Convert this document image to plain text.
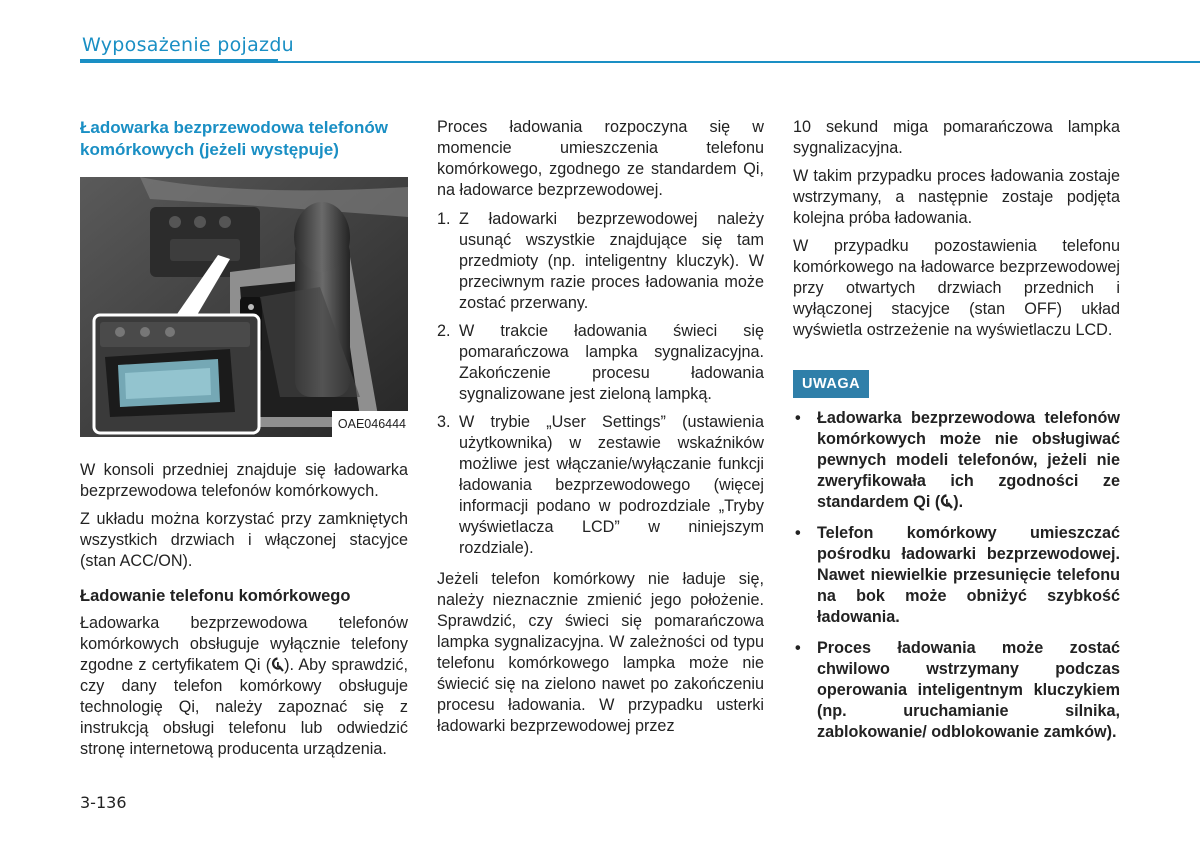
Wyposażenie pojazdu

Ładowarka bezprzewodowa telefonów komórkowych (jeżeli występuje)

OAE046444

W konsoli przedniej znajduje się ładowarka bezprzewodowa telefonów komórkowych.

Z układu można korzystać przy zamkniętych wszystkich drzwiach i włączonej stacyjce (stan ACC/ON).

Ładowanie telefonu komórkowego

Ładowarka bezprzewodowa telefonów komórkowych obsługuje wyłącznie telefony zgodne z certyfikatem Qi ( ). Aby sprawdzić, czy dany telefon komórkowy obsługuje technologię Qi, należy zapoznać się z instrukcją obsługi telefonu lub odwiedzić stronę internetową producenta urządzenia.

Proces ładowania rozpoczyna się w momencie umieszczenia telefonu komórkowego, zgodnego ze standardem Qi, na ładowarce bezprzewodowej.

1. Z ładowarki bezprzewodowej należy usunąć wszystkie znajdujące się tam przedmioty (np. inteligentny kluczyk). W przeciwnym razie proces ładowania może zostać przerwany.
2. W trakcie ładowania świeci się pomarańczowa lampka sygnalizacyjna. Zakończenie procesu ładowania sygnalizowane jest zieloną lampką.
3. W trybie „User Settings” (ustawienia użytkownika) w zestawie wskaźników możliwe jest włączanie/wyłączanie funkcji ładowania bezprzewodowego (więcej informacji podano w podrozdziale „Tryby wyświetlacza LCD” w niniejszym rozdziale).

Jeżeli telefon komórkowy nie ładuje się, należy nieznacznie zmienić jego położenie. Sprawdzić, czy świeci się pomarańczowa lampka sygnalizacyjna. W zależności od typu telefonu komórkowego lampka może nie świecić się na zielono nawet po zakończeniu procesu ładowania. W przypadku usterki ładowarki bezprzewodowej przez

10 sekund miga pomarańczowa lampka sygnalizacyjna.

W takim przypadku proces ładowania zostaje wstrzymany, a następnie zostaje podjęta kolejna próba ładowania.

W przypadku pozostawienia telefonu komórkowego na ładowarce bezprzewodowej przy otwartych drzwiach przednich i wyłączonej stacyjce (stan OFF) układ wyświetla ostrzeżenie na wyświetlaczu LCD.

UWAGA
•	Ładowarka bezprzewodowa telefonów komórkowych może nie obsługiwać pewnych modeli telefonów, jeżeli nie zweryfikowała ich zgodności ze standardem Qi ( ).
•	Telefon komórkowy umieszczać pośrodku ładowarki bezprzewodowej. Nawet niewielkie przesunięcie telefonu na bok może obniżyć szybkość ładowania.
•	Proces ładowania może zostać chwilowo wstrzymany podczas operowania inteligentnym kluczykiem (np. uruchamianie silnika, zablokowanie/ odblokowanie zamków).
3-136
